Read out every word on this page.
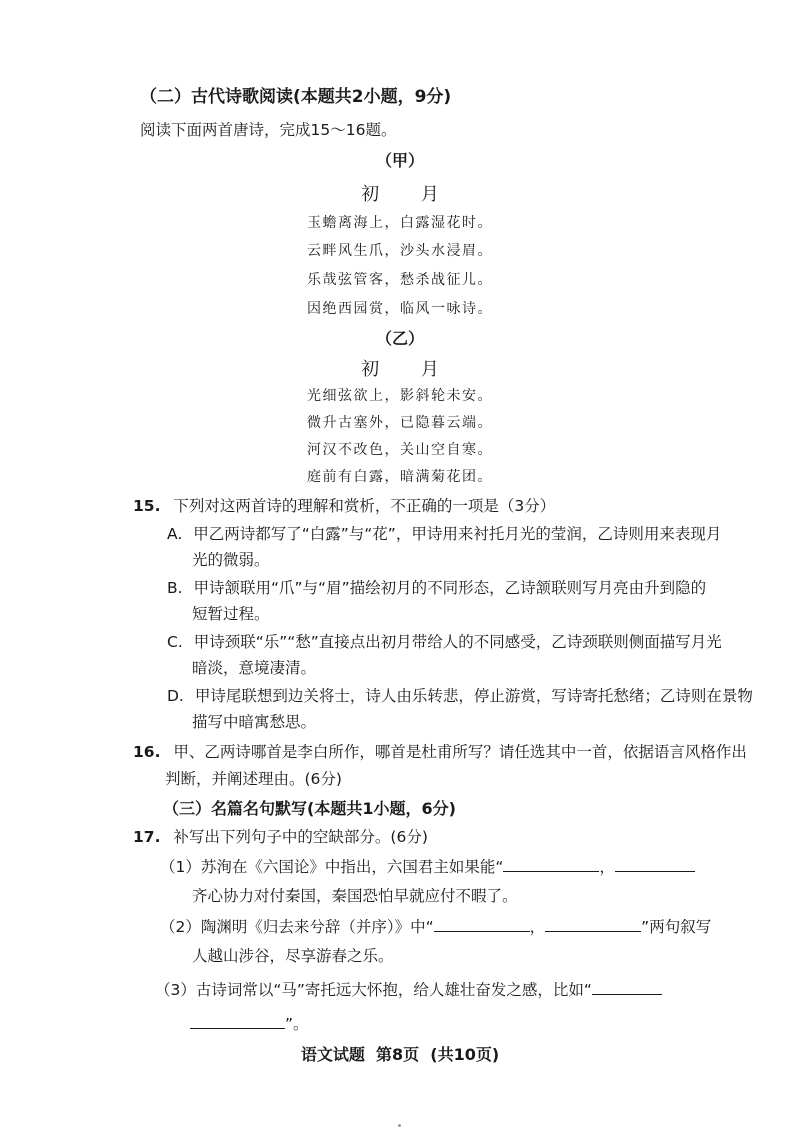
（二）古代诗歌阅读(本题共2小题，9分)
阅读下面两首唐诗，完成15～16题。
（甲）
初 月
玉蟾离海上，白露湿花时。
云畔风生爪，沙头水浸眉。
乐哉弦管客，愁杀战征儿。
因绝西园赏，临风一咏诗。
（乙）
初 月
光细弦欲上，影斜轮未安。
微升古塞外，已隐暮云端。
河汉不改色，关山空自寒。
庭前有白露，暗满菊花团。
15. 下列对这两首诗的理解和赏析，不正确的一项是（3分）
A. 甲乙两诗都写了“白露”与“花”，甲诗用来衬托月光的莹润，乙诗则用来表现月
光的微弱。
B. 甲诗颔联用“爪”与“眉”描绘初月的不同形态，乙诗颔联则写月亮由升到隐的
短暂过程。
C. 甲诗颈联“乐”“愁”直接点出初月带给人的不同感受，乙诗颈联则侧面描写月光
暗淡，意境凄清。
D. 甲诗尾联想到边关将士，诗人由乐转悲，停止游赏，写诗寄托愁绪；乙诗则在景物
描写中暗寓愁思。
16. 甲、乙两诗哪首是李白所作，哪首是杜甫所写？请任选其中一首，依据语言风格作出
判断，并阐述理由。(6分)
（三）名篇名句默写(本题共1小题，6分)
17. 补写出下列句子中的空缺部分。(6分)
（1）苏洵在《六国论》中指出，六国君主如果能“	，
齐心协力对付秦国，秦国恐怕早就应付不暇了。
（2）陶渊明《归去来兮辞（并序）》中“	，	”两句叙写
人越山涉谷，尽享游春之乐。
（3）古诗词常以“马”寄托远大怀抱，给人雄壮奋发之感，比如“
”。
语文试题  第8页  (共10页)
